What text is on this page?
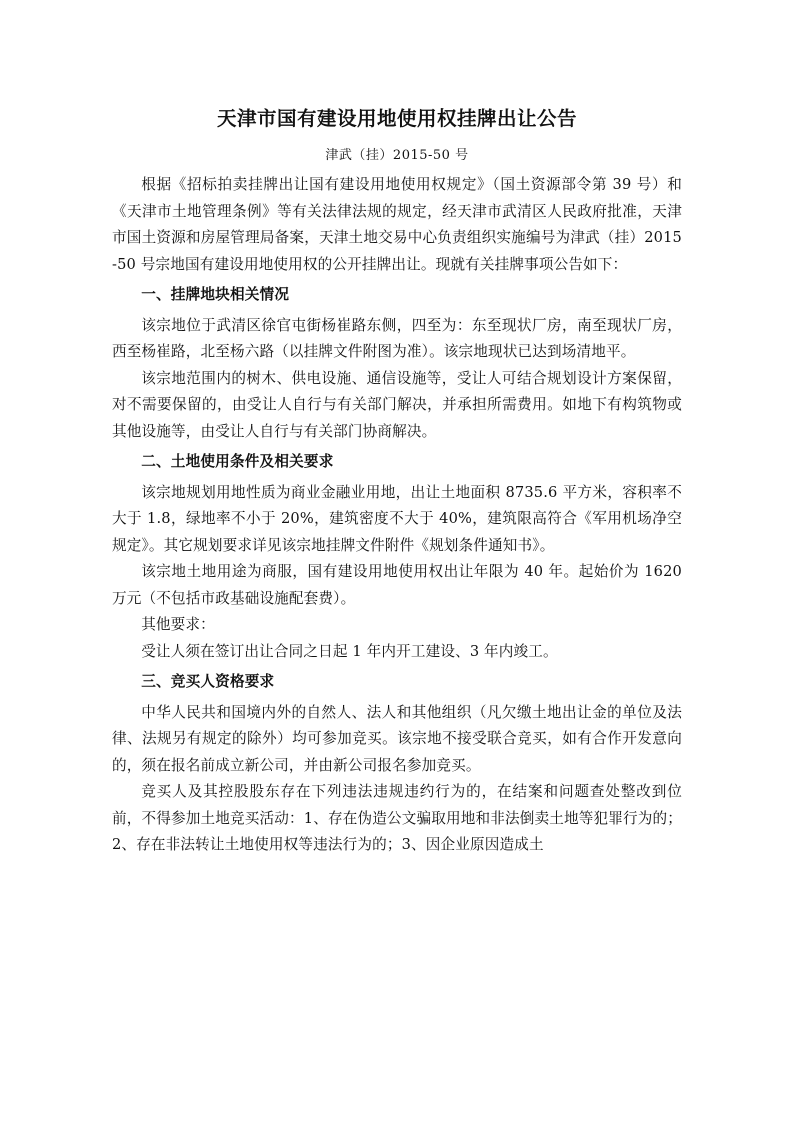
天津市国有建设用地使用权挂牌出让公告

津武（挂）2015-50 号

根据《招标拍卖挂牌出让国有建设用地使用权规定》（国土资源部令第 39 号）和《天津市土地管理条例》等有关法律法规的规定，经天津市武清区人民政府批准，天津市国土资源和房屋管理局备案，天津土地交易中心负责组织实施编号为津武（挂）2015-50 号宗地国有建设用地使用权的公开挂牌出让。现就有关挂牌事项公告如下：

一、挂牌地块相关情况

该宗地位于武清区徐官屯街杨崔路东侧，四至为：东至现状厂房，南至现状厂房，西至杨崔路，北至杨六路（以挂牌文件附图为准）。该宗地现状已达到场清地平。

该宗地范围内的树木、供电设施、通信设施等，受让人可结合规划设计方案保留，对不需要保留的，由受让人自行与有关部门解决，并承担所需费用。如地下有构筑物或其他设施等，由受让人自行与有关部门协商解决。

二、土地使用条件及相关要求

该宗地规划用地性质为商业金融业用地，出让土地面积 8735.6 平方米，容积率不大于 1.8，绿地率不小于 20%，建筑密度不大于 40%，建筑限高符合《军用机场净空规定》。其它规划要求详见该宗地挂牌文件附件《规划条件通知书》。

该宗地土地用途为商服，国有建设用地使用权出让年限为 40 年。起始价为 1620 万元（不包括市政基础设施配套费）。

其他要求：

受让人须在签订出让合同之日起 1 年内开工建设、3 年内竣工。

三、竞买人资格要求

中华人民共和国境内外的自然人、法人和其他组织（凡欠缴土地出让金的单位及法律、法规另有规定的除外）均可参加竞买。该宗地不接受联合竞买，如有合作开发意向的，须在报名前成立新公司，并由新公司报名参加竞买。

竞买人及其控股股东存在下列违法违规违约行为的，在结案和问题查处整改到位前，不得参加土地竞买活动：1、存在伪造公文骗取用地和非法倒卖土地等犯罪行为的；2、存在非法转让土地使用权等违法行为的；3、因企业原因造成土
